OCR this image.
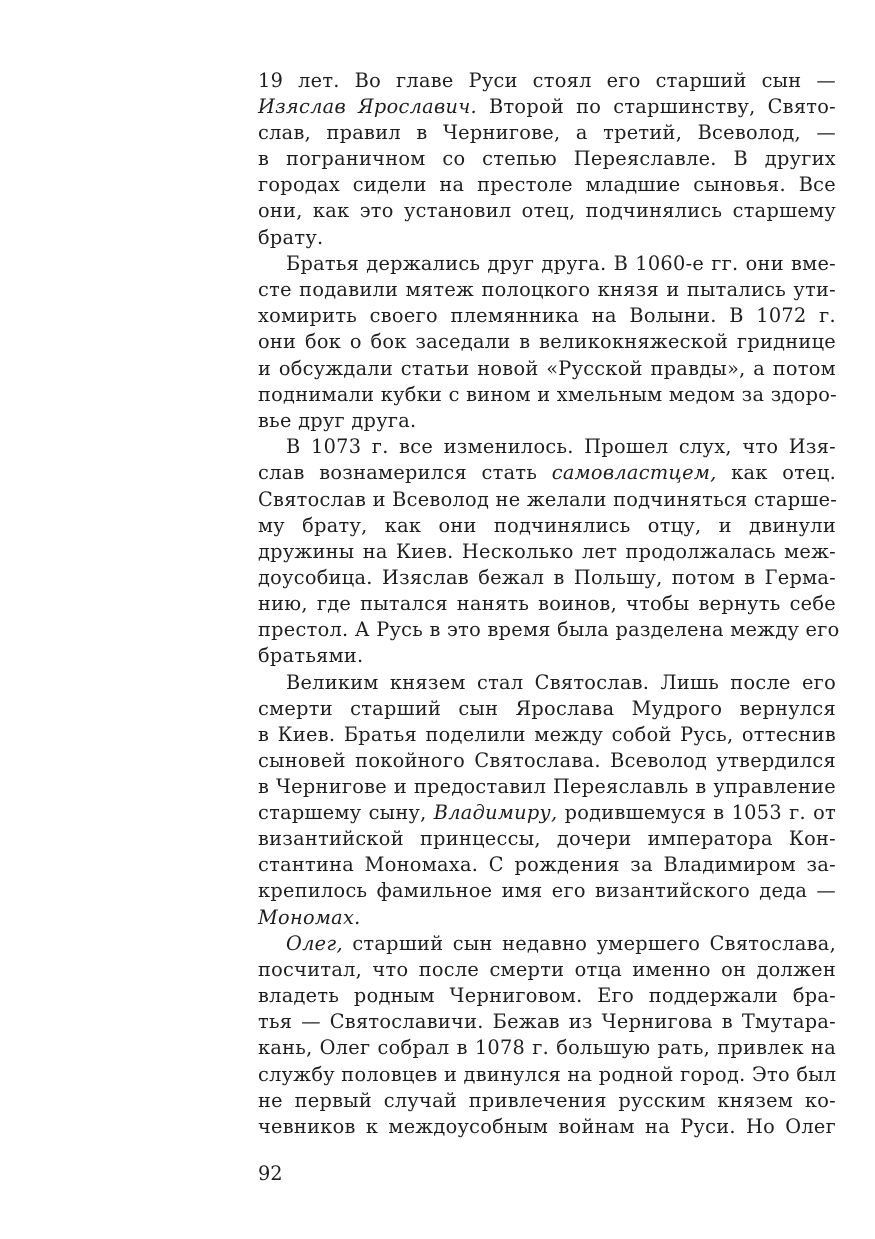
19 лет. Во главе Руси стоял его старший сын —
Изяслав Ярославич. Второй по старшинству, Свято-
слав, правил в Чернигове, а третий, Всеволод, —
в пограничном со степью Переяславле. В других
городах сидели на престоле младшие сыновья. Все
они, как это установил отец, подчинялись старшему
брату.
Братья держались друг друга. В 1060-е гг. они вме-
сте подавили мятеж полоцкого князя и пытались ути-
хомирить своего племянника на Волыни. В 1072 г.
они бок о бок заседали в великокняжеской гриднице
и обсуждали статьи новой «Русской правды», а потом
поднимали кубки с вином и хмельным медом за здоро-
вье друг друга.
В 1073 г. все изменилось. Прошел слух, что Изя-
слав вознамерился стать самовластцем, как отец.
Святослав и Всеволод не желали подчиняться старше-
му брату, как они подчинялись отцу, и двинули
дружины на Киев. Несколько лет продолжалась меж-
доусобица. Изяслав бежал в Польшу, потом в Герма-
нию, где пытался нанять воинов, чтобы вернуть себе
престол. А Русь в это время была разделена между его
братьями.
Великим князем стал Святослав. Лишь после его
смерти старший сын Ярослава Мудрого вернулся
в Киев. Братья поделили между собой Русь, оттеснив
сыновей покойного Святослава. Всеволод утвердился
в Чернигове и предоставил Переяславль в управление
старшему сыну, Владимиру, родившемуся в 1053 г. от
византийской принцессы, дочери императора Кон-
стантина Мономаха. С рождения за Владимиром за-
крепилось фамильное имя его византийского деда —
Мономах.
Олег, старший сын недавно умершего Святослава,
посчитал, что после смерти отца именно он должен
владеть родным Черниговом. Его поддержали бра-
тья — Святославичи. Бежав из Чернигова в Тмутара-
кань, Олег собрал в 1078 г. большую рать, привлек на
службу половцев и двинулся на родной город. Это был
не первый случай привлечения русским князем ко-
чевников к междоусобным войнам на Руси. Но Олег
92
